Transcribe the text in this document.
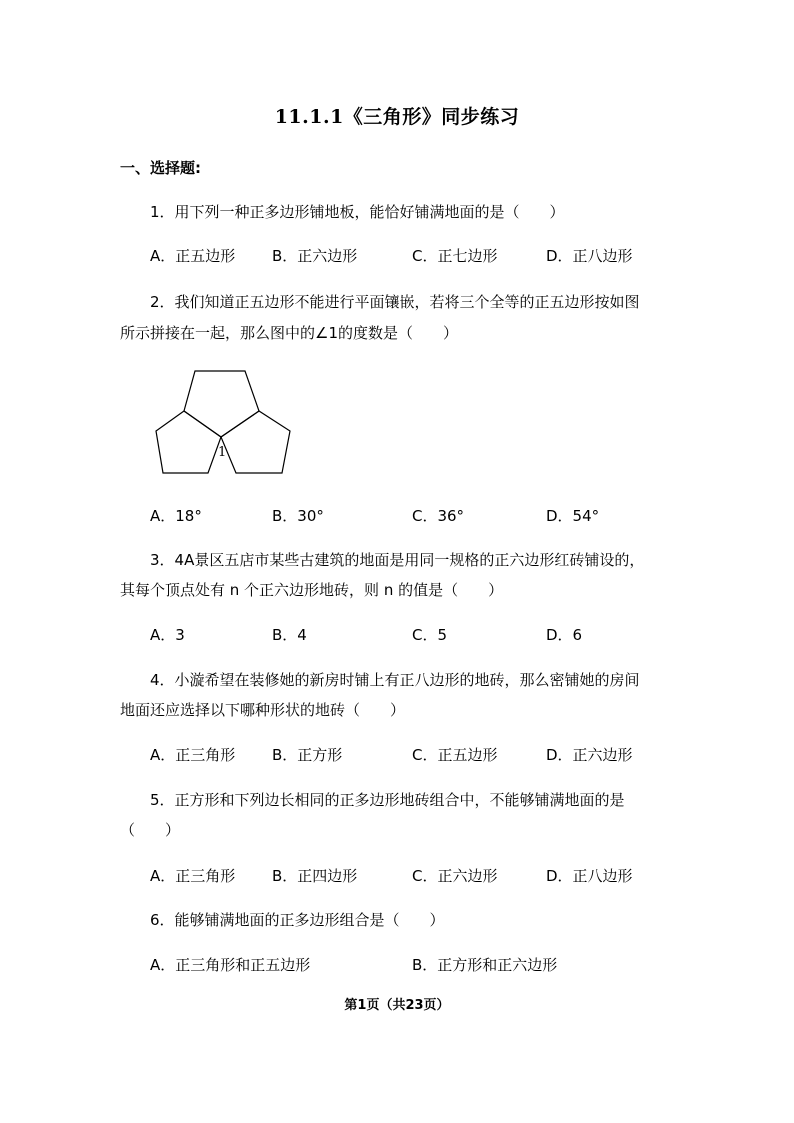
11.1.1《三角形》同步练习
一、选择题:
1．用下列一种正多边形铺地板，能恰好铺满地面的是（　　）
A．正五边形 B．正六边形	C．正七边形	D．正八边形
2．我们知道正五边形不能进行平面镶嵌，若将三个全等的正五边形按如图
所示拼接在一起，那么图中的∠1的度数是（　　）
1
A．18°	B．30°	C．36°	D．54°
3．4A景区五店市某些古建筑的地面是用同一规格的正六边形红砖铺设的，
其每个顶点处有 n 个正六边形地砖，则 n 的值是（　　）
A．3	B．4	C．5	D．6
4．小漩希望在装修她的新房时铺上有正八边形的地砖，那么密铺她的房间
地面还应选择以下哪种形状的地砖（　　）
A．正三角形 B．正方形	C．正五边形	D．正六边形
5．正方形和下列边长相同的正多边形地砖组合中，不能够铺满地面的是
（　　）
A．正三角形 B．正四边形	C．正六边形	D．正八边形
6．能够铺满地面的正多边形组合是（　　）
A．正三角形和正五边形	B．正方形和正六边形
第1页（共23页）
